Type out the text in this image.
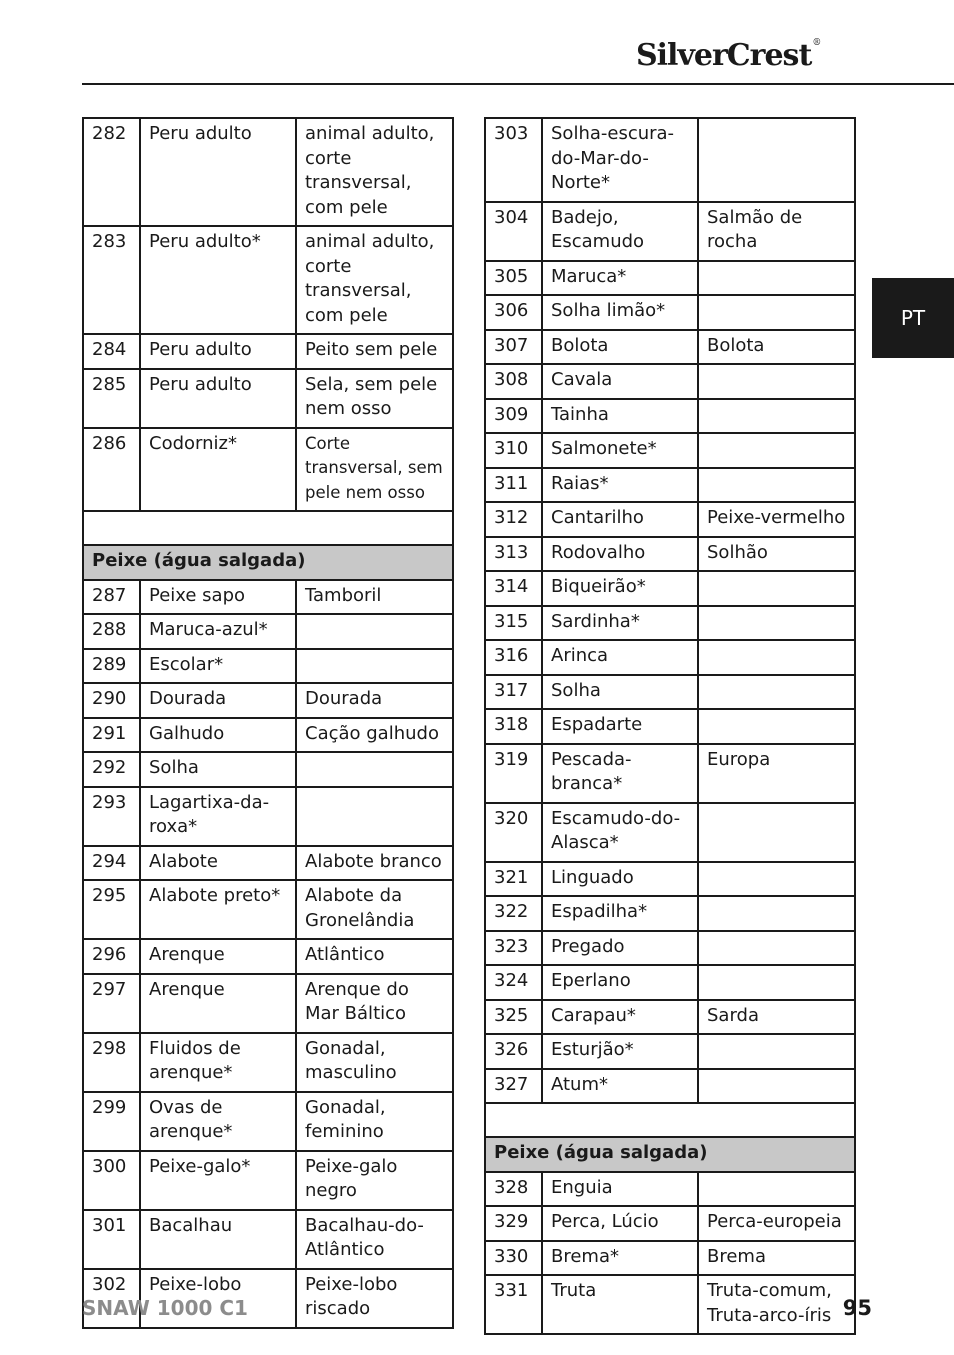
SilverCrest®
PT
282	Peru adulto	animal adulto, corte transversal, com pele
283	Peru adulto*	animal adulto, corte transversal, com pele
284	Peru adulto	Peito sem pele
285	Peru adulto	Sela, sem pele nem osso
286	Codorniz*	Corte transversal, sem pele nem osso

Peixe (água salgada)		
287	Peixe sapo	Tamboril
288	Maruca-azul*	
289	Escolar*	
290	Dourada	Dourada
291	Galhudo	Cação galhudo
292	Solha	
293	Lagartixa-da-roxa*	
294	Alabote	Alabote branco
295	Alabote preto*	Alabote da Gronelândia
296	Arenque	Atlântico
297	Arenque	Arenque do Mar Báltico
298	Fluidos de arenque*	Gonadal, masculino
299	Ovas de arenque*	Gonadal, feminino
300	Peixe-galo*	Peixe-galo negro
301	Bacalhau	Bacalhau-do-Atlântico
302	Peixe-lobo	Peixe-lobo riscado
303	Solha-escura-do-Mar-do-Norte*	
304	Badejo, Escamudo	Salmão de rocha
305	Maruca*	
306	Solha limão*	
307	Bolota	Bolota
308	Cavala	
309	Tainha	
310	Salmonete*	
311	Raias*	
312	Cantarilho	Peixe-vermelho
313	Rodovalho	Solhão
314	Biqueirão*	
315	Sardinha*	
316	Arinca	
317	Solha	
318	Espadarte	
319	Pescada-branca*	Europa
320	Escamudo-do-Alasca*	
321	Linguado	
322	Espadilha*	
323	Pregado	
324	Eperlano	
325	Carapau*	Sarda
326	Esturjão*	
327	Atum*	

Peixe (água salgada)		
328	Enguia	
329	Perca, Lúcio	Perca-europeia
330	Brema*	Brema
331	Truta	Truta-comum, Truta-arco-íris
SNAW 1000 C1	95
